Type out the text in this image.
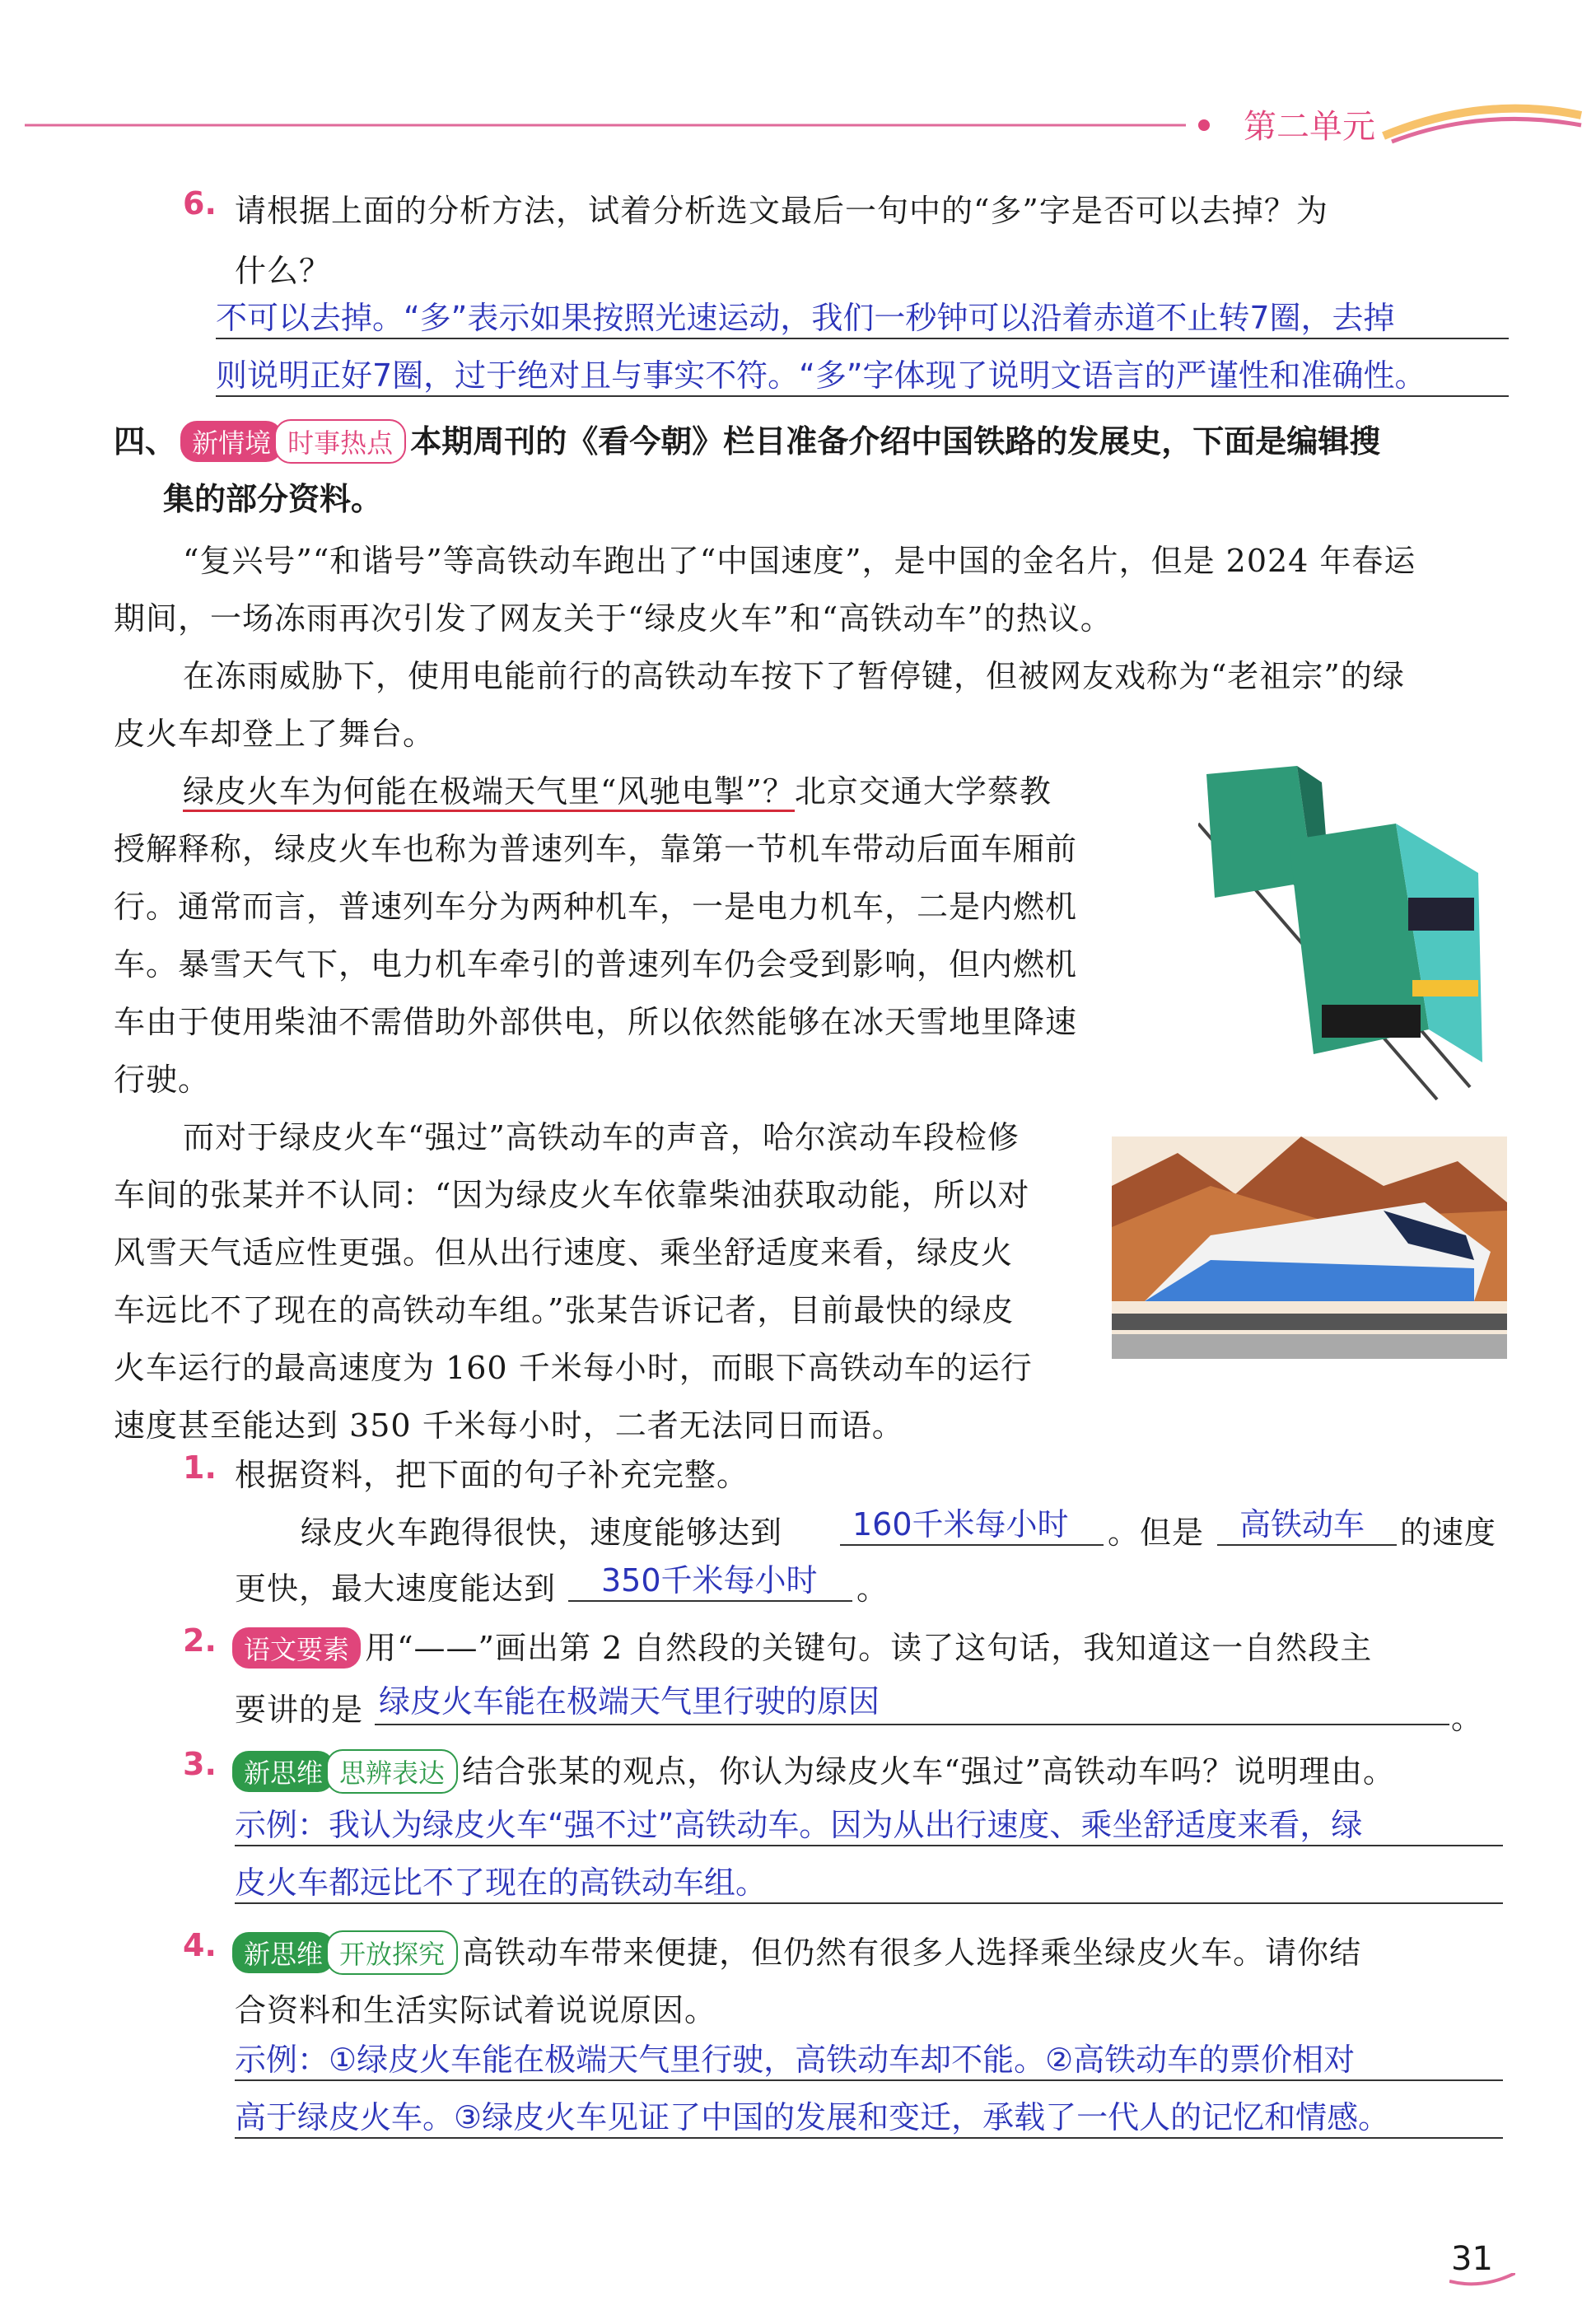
第二单元
6. 请根据上面的分析方法，试着分析选文最后一句中的“多”字是否可以去掉？为
什么？
不可以去掉。“多”表示如果按照光速运动，我们一秒钟可以沿着赤道不止转7圈，去掉
则说明正好7圈，过于绝对且与事实不符。“多”字体现了说明文语言的严谨性和准确性。
四、 新情境 时事热点 本期周刊的《看今朝》栏目准备介绍中国铁路的发展史，下面是编辑搜
集的部分资料。
“复兴号”“和谐号”等高铁动车跑出了“中国速度”，是中国的金名片，但是 2024 年春运
期间，一场冻雨再次引发了网友关于“绿皮火车”和“高铁动车”的热议。
在冻雨威胁下，使用电能前行的高铁动车按下了暂停键，但被网友戏称为“老祖宗”的绿
皮火车却登上了舞台。
绿皮火车为何能在极端天气里“风驰电掣”？北京交通大学蔡教
授解释称，绿皮火车也称为普速列车，靠第一节机车带动后面车厢前
行。通常而言，普速列车分为两种机车，一是电力机车，二是内燃机
车。暴雪天气下，电力机车牵引的普速列车仍会受到影响，但内燃机
车由于使用柴油不需借助外部供电，所以依然能够在冰天雪地里降速
行驶。
而对于绿皮火车“强过”高铁动车的声音，哈尔滨动车段检修
车间的张某并不认同：“因为绿皮火车依靠柴油获取动能，所以对
风雪天气适应性更强。但从出行速度、乘坐舒适度来看，绿皮火
车远比不了现在的高铁动车组。”张某告诉记者，目前最快的绿皮
火车运行的最高速度为 160 千米每小时，而眼下高铁动车的运行
速度甚至能达到 350 千米每小时，二者无法同日而语。
1. 根据资料，把下面的句子补充完整。
绿皮火车跑得很快，速度能够达到 160千米每小时 。但是 高铁动车 的速度
更快，最大速度能达到 350千米每小时 。
2.	语文要素 用“——”画出第 2 自然段的关键句。读了这句话，我知道这一自然段主
要讲的是 绿皮火车能在极端天气里行驶的原因	。
3.	新思维 思辨表达 结合张某的观点，你认为绿皮火车“强过”高铁动车吗？说明理由。
示例：我认为绿皮火车“强不过”高铁动车。因为从出行速度、乘坐舒适度来看，绿
皮火车都远比不了现在的高铁动车组。
4.	新思维 开放探究 高铁动车带来便捷，但仍然有很多人选择乘坐绿皮火车。请你结
合资料和生活实际试着说说原因。
示例：①绿皮火车能在极端天气里行驶，高铁动车却不能。②高铁动车的票价相对
高于绿皮火车。③绿皮火车见证了中国的发展和变迁，承载了一代人的记忆和情感。
31
